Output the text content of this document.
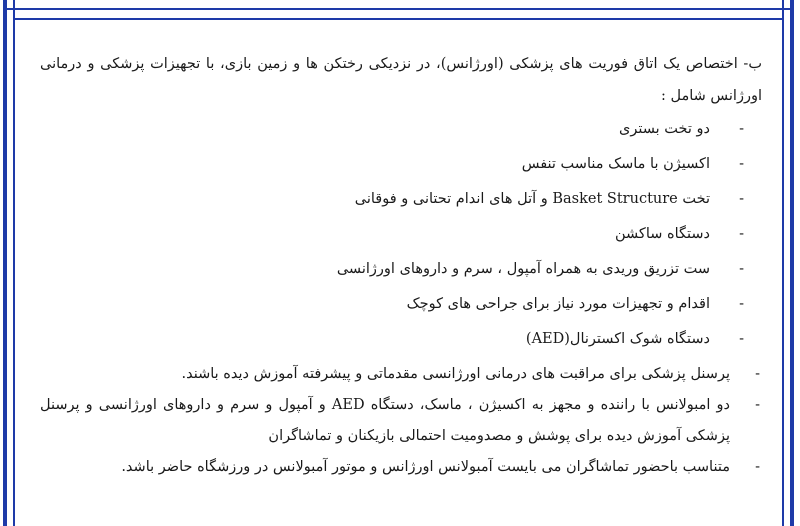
ب- اختصاص یک اتاق فوریت های پزشکی (اورژانس)، در نزدیکی رختکن ها و زمین بازی، با تجهیزات پزشکی و درمانی اورژانس شامل :

-
دو تخت بستری
-
اکسیژن با ماسک مناسب تنفس
-
تخت Basket Structure و آتل های اندام تحتانی و فوقانی
-
دستگاه ساکشن
-
ست تزریق وریدی به همراه آمپول ، سرم و داروهای اورژانسی
-
اقدام و تجهیزات مورد نیاز برای جراحی های کوچک
-
دستگاه شوک اکسترنال(AED)
-
پرسنل پزشکی برای مراقبت های درمانی اورژانسی مقدماتی و پیشرفته آموزش دیده باشند.
-
دو امبولانس با راننده و مجهز به اکسیژن ، ماسک، دستگاه AED و آمپول و سرم و داروهای اورژانسی و پرسنل پزشکی آموزش دیده برای پوشش و مصدومیت احتمالی بازیکنان و تماشاگران
-
متناسب باحضور تماشاگران می بایست آمبولانس اورژانس و موتور آمبولانس در ورزشگاه حاضر باشد.
